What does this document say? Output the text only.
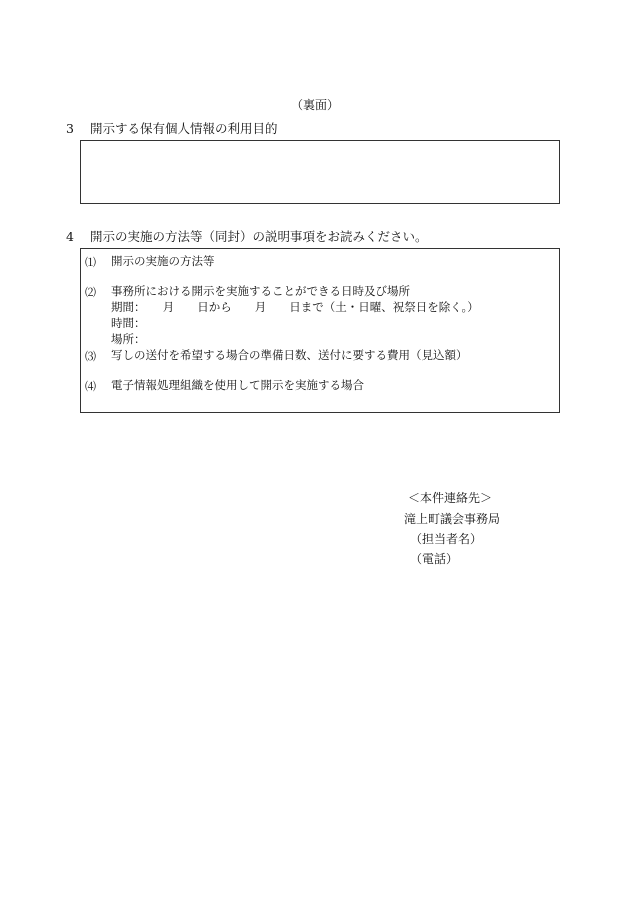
（裏面）
3 開示する保有個人情報の利用目的
4 開示の実施の方法等（同封）の説明事項をお読みください。
⑴ 開示の実施の方法等
⑵ 事務所における開示を実施することができる日時及び場所
期間：　　月　　日から　　月　　日まで（土・日曜、祝祭日を除く。）
時間：
場所：
⑶ 写しの送付を希望する場合の準備日数、送付に要する費用（見込額）
⑷ 電子情報処理組織を使用して開示を実施する場合
＜本件連絡先＞
滝上町議会事務局
（担当者名）
（電話）
